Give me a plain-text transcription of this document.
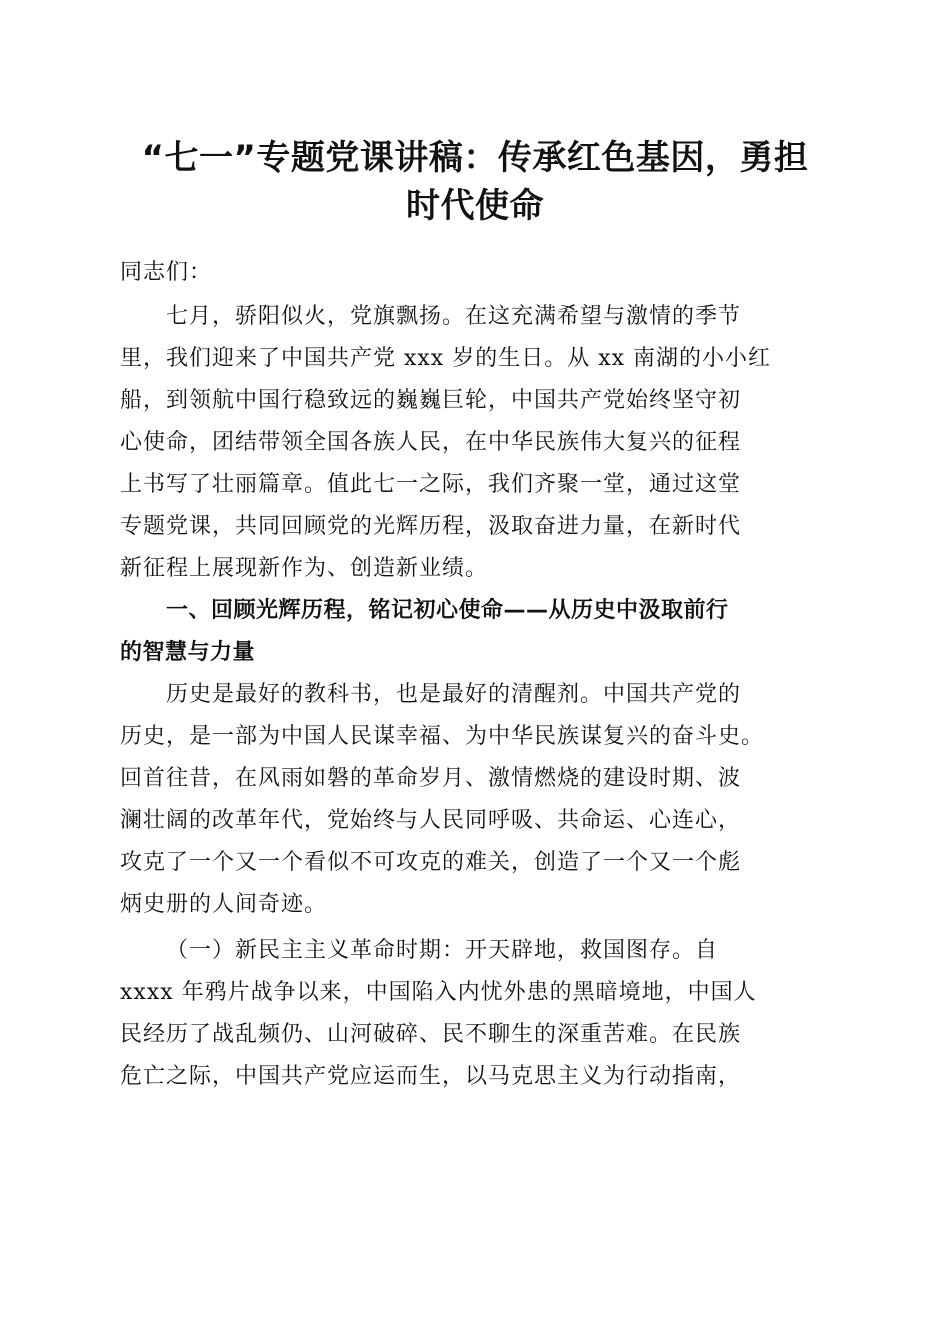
“七一”专题党课讲稿：传承红色基因，勇担
时代使命

同志们：

七月，骄阳似火，党旗飘扬。在这充满希望与激情的季节
里，我们迎来了中国共产党 xxx 岁的生日。从 xx 南湖的小小红
船，到领航中国行稳致远的巍巍巨轮，中国共产党始终坚守初
心使命，团结带领全国各族人民，在中华民族伟大复兴的征程
上书写了壮丽篇章。值此七一之际，我们齐聚一堂，通过这堂
专题党课，共同回顾党的光辉历程，汲取奋进力量，在新时代
新征程上展现新作为、创造新业绩。

一、回顾光辉历程，铭记初心使命——从历史中汲取前行
的智慧与力量

历史是最好的教科书，也是最好的清醒剂。中国共产党的
历史，是一部为中国人民谋幸福、为中华民族谋复兴的奋斗史。
回首往昔，在风雨如磐的革命岁月、激情燃烧的建设时期、波
澜壮阔的改革年代，党始终与人民同呼吸、共命运、心连心，
攻克了一个又一个看似不可攻克的难关，创造了一个又一个彪
炳史册的人间奇迹。

（一）新民主主义革命时期：开天辟地，救国图存。自
xxxx 年鸦片战争以来，中国陷入内忧外患的黑暗境地，中国人
民经历了战乱频仍、山河破碎、民不聊生的深重苦难。在民族
危亡之际，中国共产党应运而生，以马克思主义为行动指南，
